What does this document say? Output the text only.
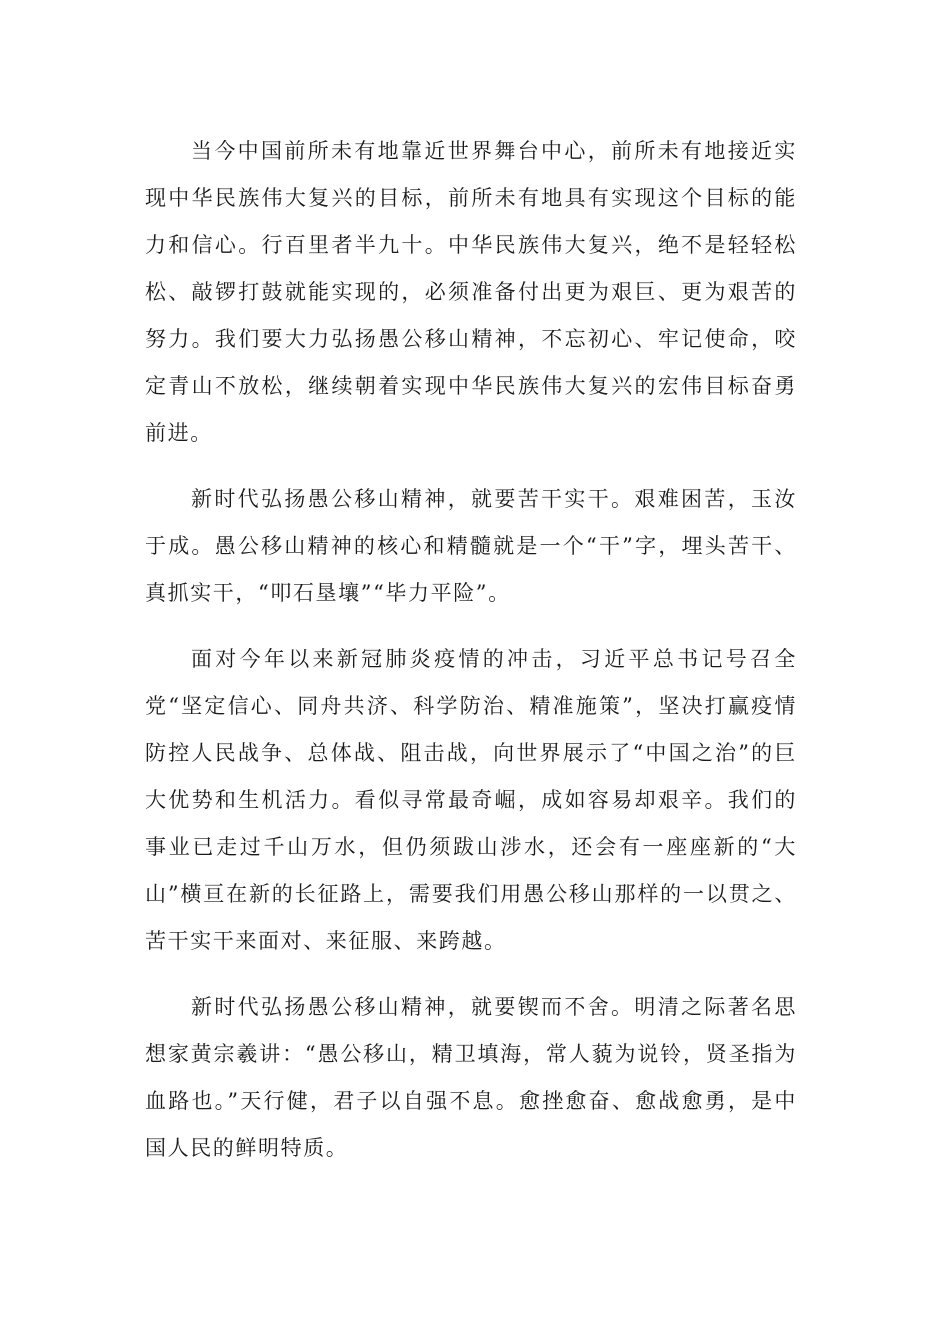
当今中国前所未有地靠近世界舞台中心，前所未有地接近实现中华民族伟大复兴的目标，前所未有地具有实现这个目标的能力和信心。行百里者半九十。中华民族伟大复兴，绝不是轻轻松松、敲锣打鼓就能实现的，必须准备付出更为艰巨、更为艰苦的努力。我们要大力弘扬愚公移山精神，不忘初心、牢记使命，咬定青山不放松，继续朝着实现中华民族伟大复兴的宏伟目标奋勇前进。

新时代弘扬愚公移山精神，就要苦干实干。艰难困苦，玉汝于成。愚公移山精神的核心和精髓就是一个“干”字，埋头苦干、真抓实干，“叩石垦壤”“毕力平险”。

面对今年以来新冠肺炎疫情的冲击，习近平总书记号召全党“坚定信心、同舟共济、科学防治、精准施策”，坚决打赢疫情防控人民战争、总体战、阻击战，向世界展示了“中国之治”的巨大优势和生机活力。看似寻常最奇崛，成如容易却艰辛。我们的事业已走过千山万水，但仍须跋山涉水，还会有一座座新的“大山”横亘在新的长征路上，需要我们用愚公移山那样的一以贯之、苦干实干来面对、来征服、来跨越。

新时代弘扬愚公移山精神，就要锲而不舍。明清之际著名思想家黄宗羲讲：“愚公移山，精卫填海，常人藐为说铃，贤圣指为血路也。”天行健，君子以自强不息。愈挫愈奋、愈战愈勇，是中国人民的鲜明特质。
